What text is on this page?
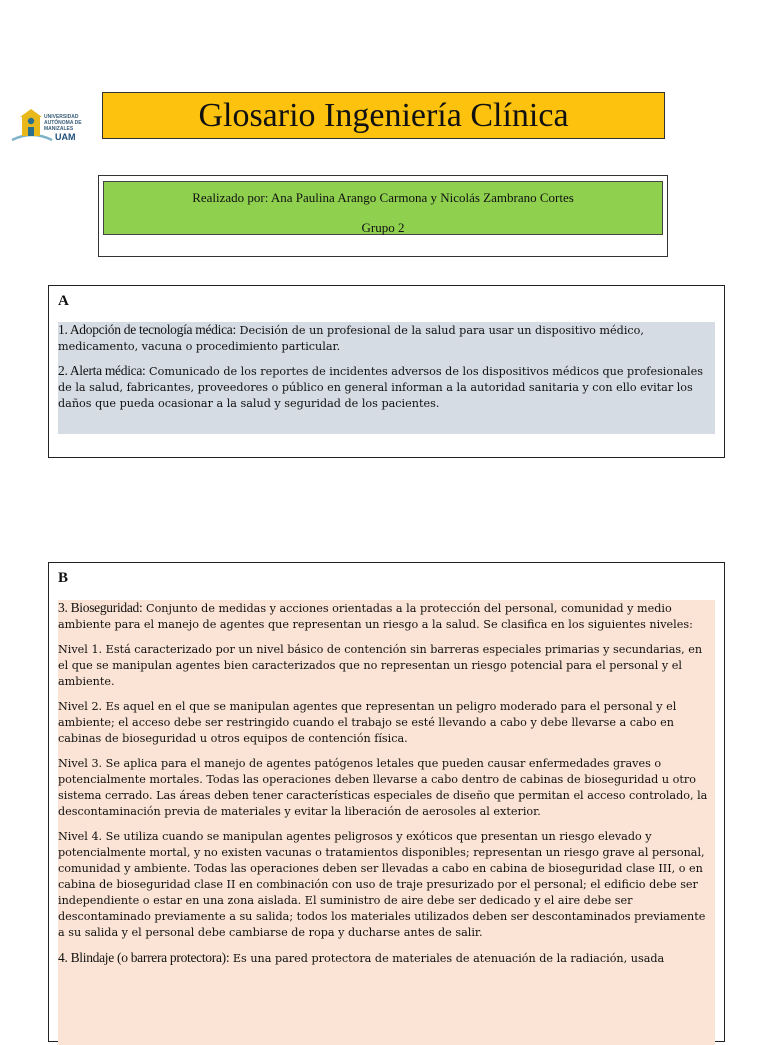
UNIVERSIDAD
AUTÓNOMA DE
MANIZALES
UAM
Glosario Ingeniería Clínica
Realizado por: Ana Paulina Arango Carmona y Nicolás Zambrano Cortes
Grupo 2
A

1. Adopción de tecnología médica: Decisión de un profesional de la salud para usar un dispositivo médico, medicamento, vacuna o procedimiento particular.

2. Alerta médica: Comunicado de los reportes de incidentes adversos de los dispositivos médicos que profesionales de la salud, fabricantes, proveedores o público en general informan a la autoridad sanitaria y con ello evitar los daños que pueda ocasionar a la salud y seguridad de los pacientes.

B

3. Bioseguridad: Conjunto de medidas y acciones orientadas a la protección del personal, comunidad y medio ambiente para el manejo de agentes que representan un riesgo a la salud. Se clasifica en los siguientes niveles:

Nivel 1. Está caracterizado por un nivel básico de contención sin barreras especiales primarias y secundarias, en el que se manipulan agentes bien caracterizados que no representan un riesgo potencial para el personal y el ambiente.

Nivel 2. Es aquel en el que se manipulan agentes que representan un peligro moderado para el personal y el ambiente; el acceso debe ser restringido cuando el trabajo se esté llevando a cabo y debe llevarse a cabo en cabinas de bioseguridad u otros equipos de contención física.

Nivel 3. Se aplica para el manejo de agentes patógenos letales que pueden causar enfermedades graves o potencialmente mortales. Todas las operaciones deben llevarse a cabo dentro de cabinas de bioseguridad u otro sistema cerrado. Las áreas deben tener características especiales de diseño que permitan el acceso controlado, la descontaminación previa de materiales y evitar la liberación de aerosoles al exterior.

Nivel 4. Se utiliza cuando se manipulan agentes peligrosos y exóticos que presentan un riesgo elevado y potencialmente mortal, y no existen vacunas o tratamientos disponibles; representan un riesgo grave al personal, comunidad y ambiente. Todas las operaciones deben ser llevadas a cabo en cabina de bioseguridad clase III, o en cabina de bioseguridad clase II en combinación con uso de traje presurizado por el personal; el edificio debe ser independiente o estar en una zona aislada. El suministro de aire debe ser dedicado y el aire debe ser descontaminado previamente a su salida; todos los materiales utilizados deben ser descontaminados previamente a su salida y el personal debe cambiarse de ropa y ducharse antes de salir.

4. Blindaje (o barrera protectora): Es una pared protectora de materiales de atenuación de la radiación, usada
